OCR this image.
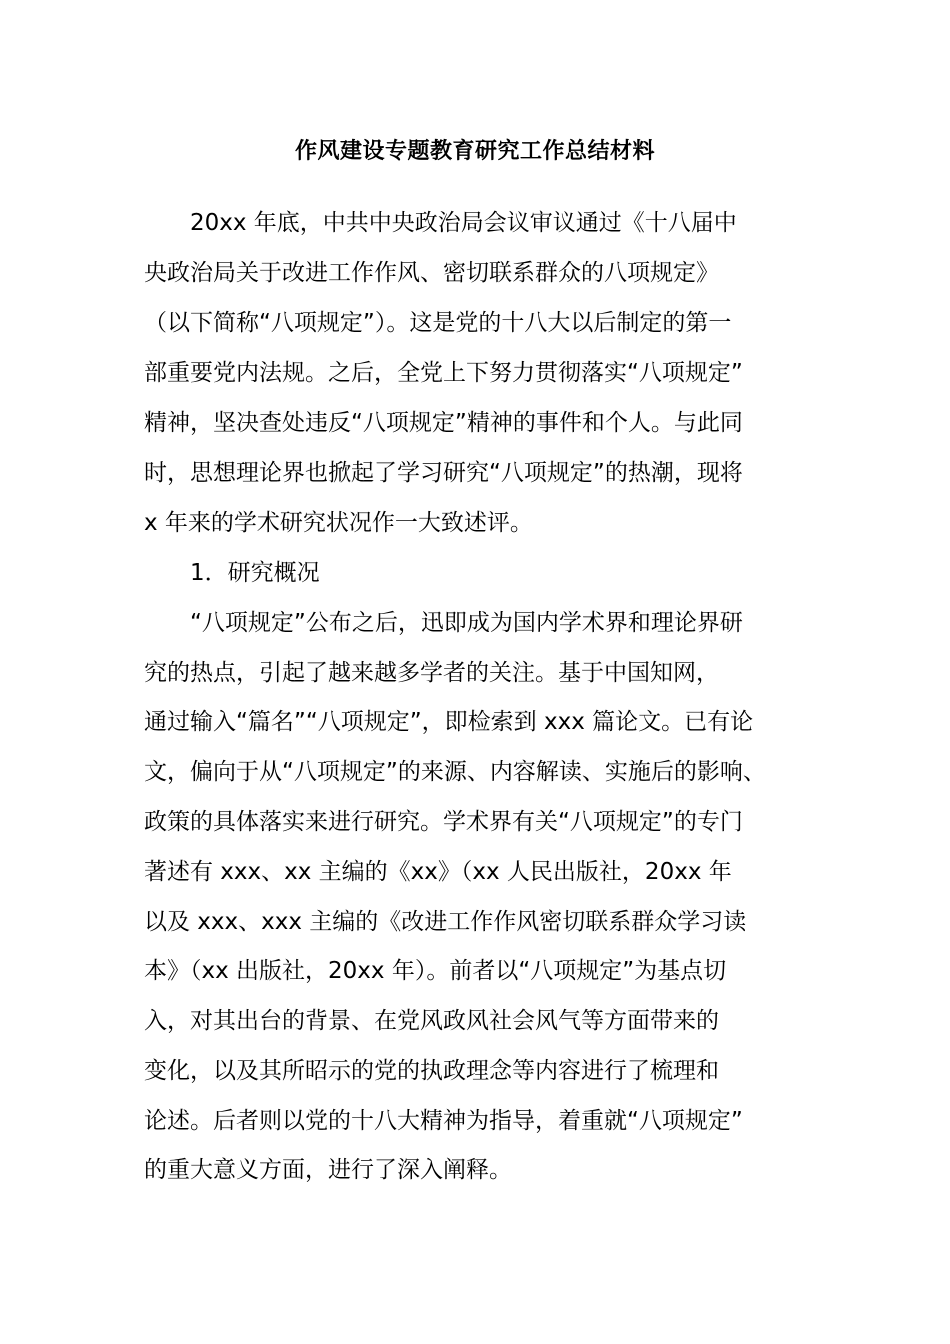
作风建设专题教育研究工作总结材料
　　20xx 年底，中共中央政治局会议审议通过《十八届中
央政治局关于改进工作作风、密切联系群众的八项规定》
（以下简称“八项规定”）。这是党的十八大以后制定的第一
部重要党内法规。之后，全党上下努力贯彻落实“八项规定”
精神，坚决查处违反“八项规定”精神的事件和个人。与此同
时，思想理论界也掀起了学习研究“八项规定”的热潮，现将
x 年来的学术研究状况作一大致述评。
　　1．研究概况
　　“八项规定”公布之后，迅即成为国内学术界和理论界研
究的热点，引起了越来越多学者的关注。基于中国知网，
通过输入“篇名”“八项规定”，即检索到 xxx 篇论文。已有论
文，偏向于从“八项规定”的来源、内容解读、实施后的影响、
政策的具体落实来进行研究。学术界有关“八项规定”的专门
著述有 xxx、xx 主编的《xx》（xx 人民出版社，20xx 年
以及 xxx、xxx 主编的《改进工作作风密切联系群众学习读
本》（xx 出版社，20xx 年）。前者以“八项规定”为基点切
入，对其出台的背景、在党风政风社会风气等方面带来的
变化，以及其所昭示的党的执政理念等内容进行了梳理和
论述。后者则以党的十八大精神为指导，着重就“八项规定”
的重大意义方面，进行了深入阐释。
